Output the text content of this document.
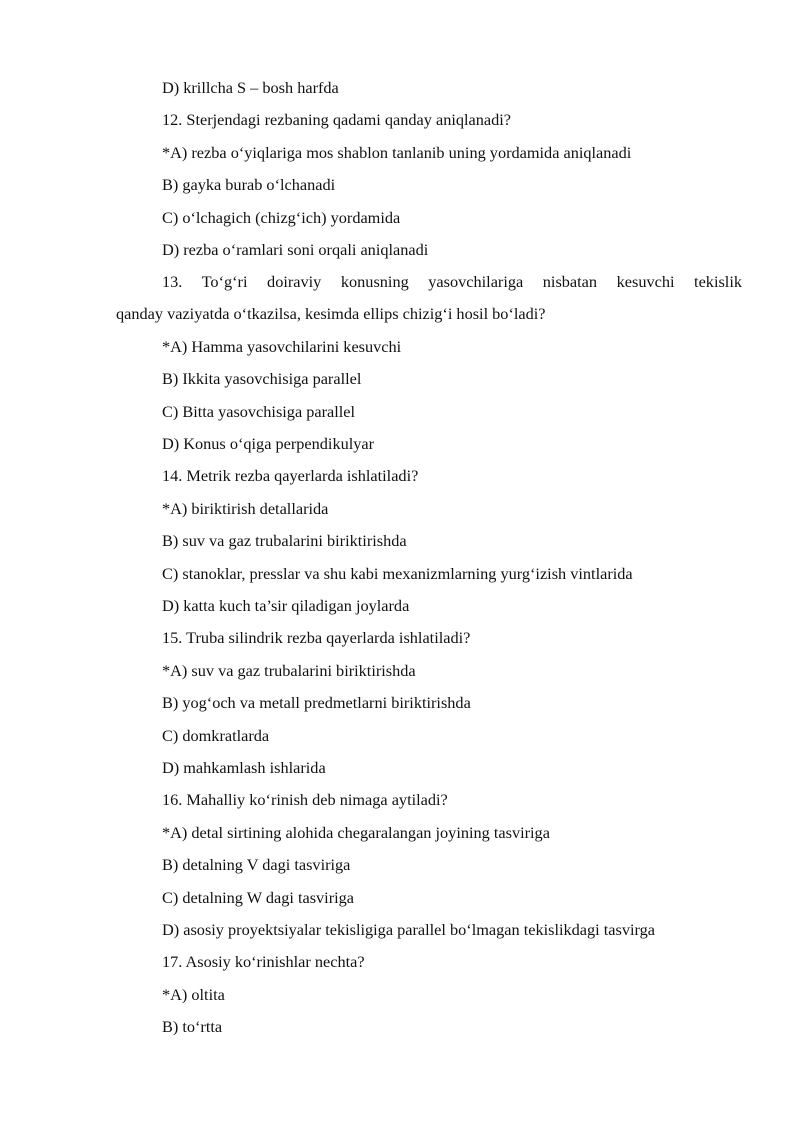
D) krillcha S – bosh harfda
12. Sterjendagi rezbaning qadami qanday aniqlanadi?
*A) rezba o‘yiqlariga mos shablon tanlanib uning yordamida aniqlanadi
B) gayka burab o‘lchanadi
C) o‘lchagich (chizg‘ich) yordamida
D) rezba o‘ramlari soni orqali aniqlanadi
13. To‘g‘ri doiraviy konusning yasovchilariga nisbatan kesuvchi tekislik
qanday vaziyatda o‘tkazilsa, kesimda ellips chizig‘i hosil bo‘ladi?
*A) Hamma yasovchilarini kesuvchi
B) Ikkita yasovchisiga parallel
C) Bitta yasovchisiga parallel
D) Konus o‘qiga perpendikulyar
14. Metrik rezba qayerlarda ishlatiladi?
*A) biriktirish detallarida
B) suv va gaz trubalarini biriktirishda
C) stanoklar, presslar va shu kabi mexanizmlarning yurg‘izish vintlarida
D) katta kuch ta’sir qiladigan joylarda
15. Truba silindrik rezba qayerlarda ishlatiladi?
*A) suv va gaz trubalarini biriktirishda
B) yog‘och va metall predmetlarni biriktirishda
C) domkratlarda
D) mahkamlash ishlarida
16. Mahalliy ko‘rinish deb nimaga aytiladi?
*A) detal sirtining alohida chegaralangan joyining tasviriga
B) detalning V dagi tasviriga
C) detalning W dagi tasviriga
D) asosiy proyektsiyalar tekisligiga parallel bo‘lmagan tekislikdagi tasvirga
17. Asosiy ko‘rinishlar nechta?
*A) oltita
B) to‘rtta
